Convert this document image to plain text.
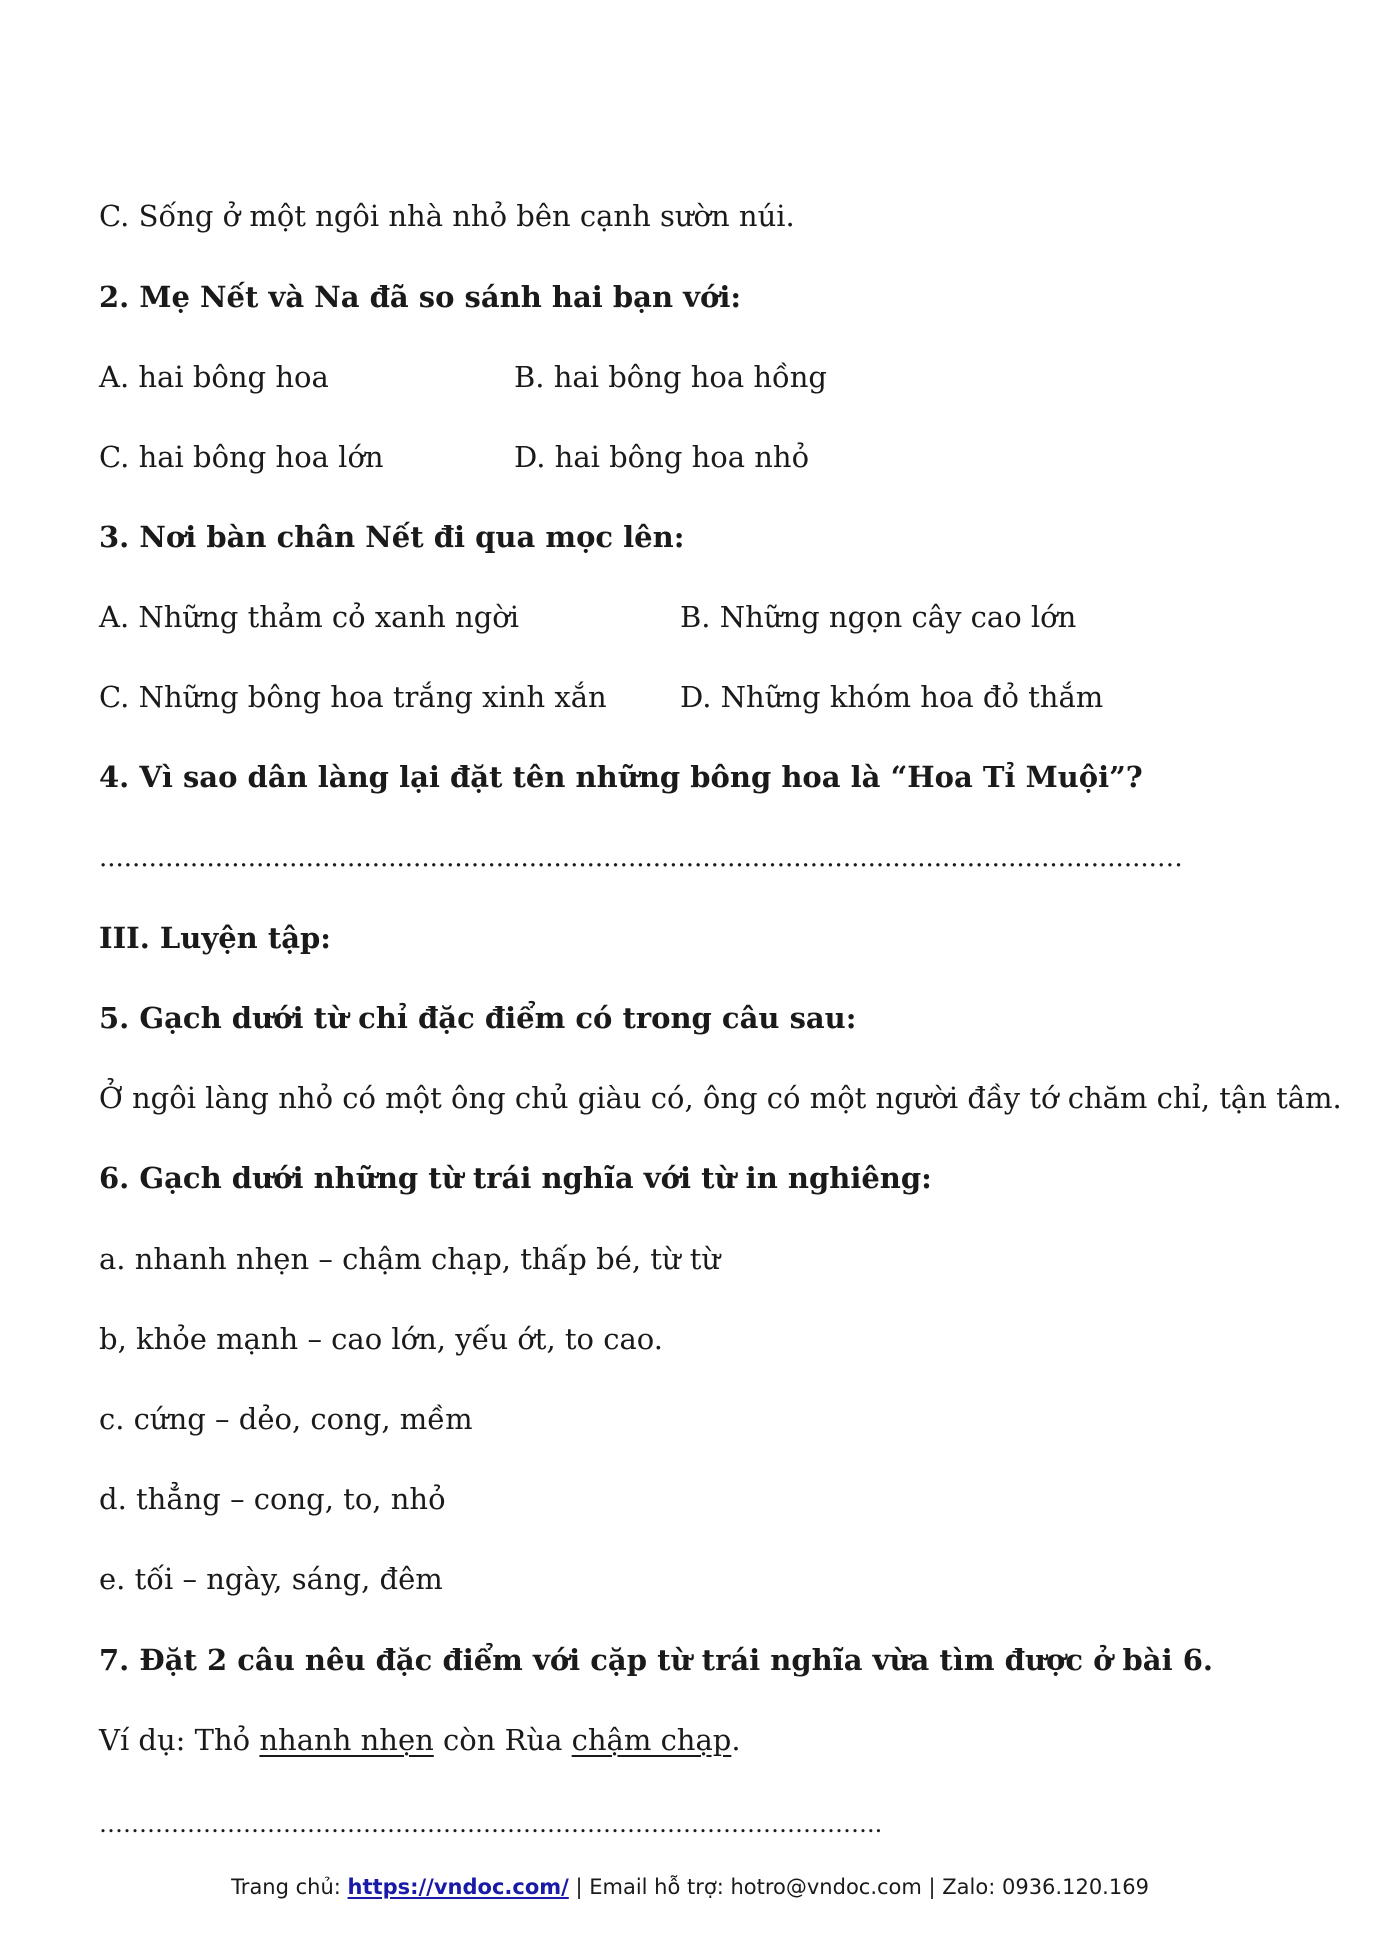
C. Sống ở một ngôi nhà nhỏ bên cạnh sườn núi.

2. Mẹ Nết và Na đã so sánh hai bạn với:

A. hai bông hoa	B. hai bông hoa hồng

C. hai bông hoa lớn	D. hai bông hoa nhỏ

3. Nơi bàn chân Nết đi qua mọc lên:

A. Những thảm cỏ xanh ngời	B. Những ngọn cây cao lớn

C. Những bông hoa trắng xinh xắn	D. Những khóm hoa đỏ thắm

4. Vì sao dân làng lại đặt tên những bông hoa là “Hoa Tỉ Muội”?

................................................................................................................................…

III. Luyện tập:

5. Gạch dưới từ chỉ đặc điểm có trong câu sau:

Ở ngôi làng nhỏ có một ông chủ giàu có, ông có một người đầy tớ chăm chỉ, tận tâm.

6. Gạch dưới những từ trái nghĩa với từ in nghiêng:

a. nhanh nhẹn – chậm chạp, thấp bé, từ từ

b, khỏe mạnh – cao lớn, yếu ớt, to cao.

c. cứng – dẻo, cong, mềm

d. thẳng – cong, to, nhỏ

e. tối – ngày, sáng, đêm

7. Đặt 2 câu nêu đặc điểm với cặp từ trái nghĩa vừa tìm được ở bài 6.

Ví dụ: Thỏ nhanh nhẹn còn Rùa chậm chạp.

……………………………………………………………………………………..

Trang chủ: https://vndoc.com/ | Email hỗ trợ: hotro@vndoc.com | Zalo: 0936.120.169
